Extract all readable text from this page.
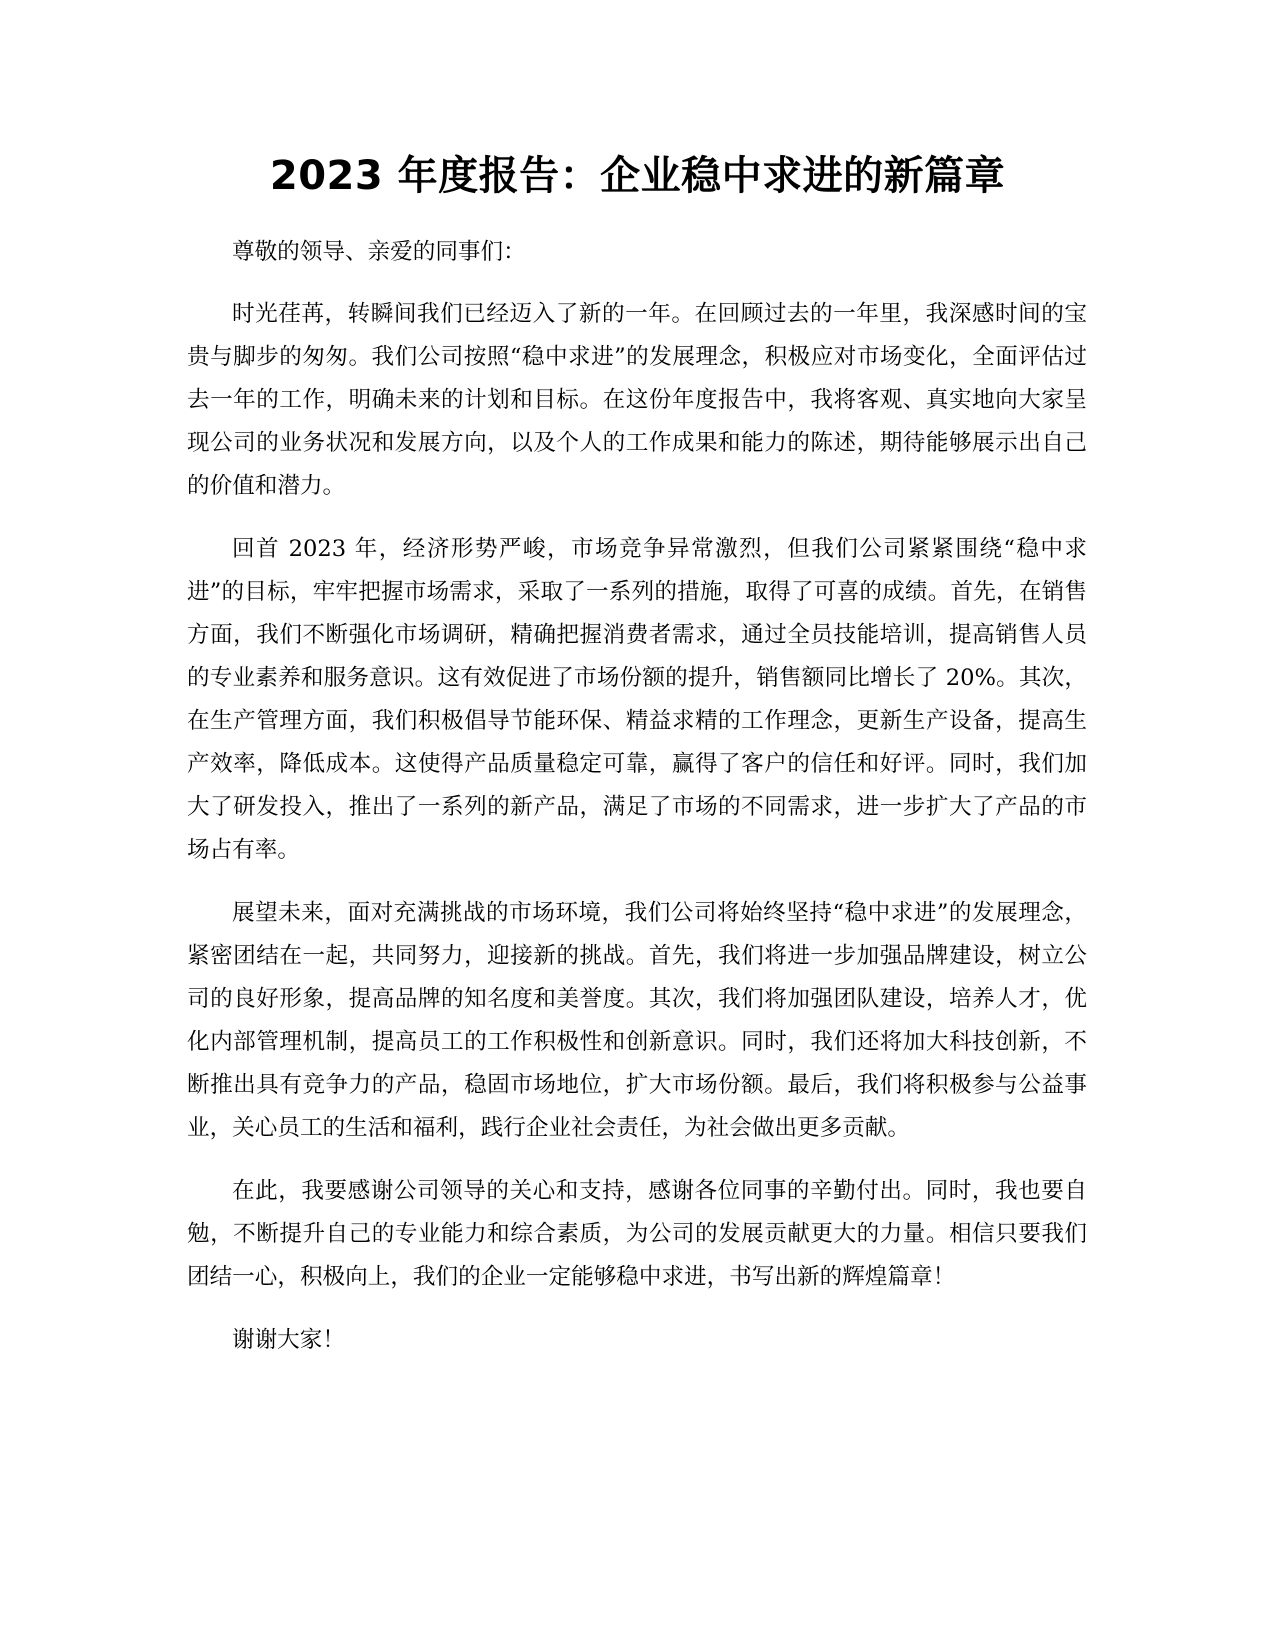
2023 年度报告：企业稳中求进的新篇章

尊敬的领导、亲爱的同事们：

时光荏苒，转瞬间我们已经迈入了新的一年。在回顾过去的一年里，我深感时间的宝贵与脚步的匆匆。我们公司按照“稳中求进”的发展理念，积极应对市场变化，全面评估过去一年的工作，明确未来的计划和目标。在这份年度报告中，我将客观、真实地向大家呈现公司的业务状况和发展方向，以及个人的工作成果和能力的陈述，期待能够展示出自己的价值和潜力。

回首 2023 年，经济形势严峻，市场竞争异常激烈，但我们公司紧紧围绕“稳中求进”的目标，牢牢把握市场需求，采取了一系列的措施，取得了可喜的成绩。首先，在销售方面，我们不断强化市场调研，精确把握消费者需求，通过全员技能培训，提高销售人员的专业素养和服务意识。这有效促进了市场份额的提升，销售额同比增长了 20%。其次，在生产管理方面，我们积极倡导节能环保、精益求精的工作理念，更新生产设备，提高生产效率，降低成本。这使得产品质量稳定可靠，赢得了客户的信任和好评。同时，我们加大了研发投入，推出了一系列的新产品，满足了市场的不同需求，进一步扩大了产品的市场占有率。

展望未来，面对充满挑战的市场环境，我们公司将始终坚持“稳中求进”的发展理念，紧密团结在一起，共同努力，迎接新的挑战。首先，我们将进一步加强品牌建设，树立公司的良好形象，提高品牌的知名度和美誉度。其次，我们将加强团队建设，培养人才，优化内部管理机制，提高员工的工作积极性和创新意识。同时，我们还将加大科技创新，不断推出具有竞争力的产品，稳固市场地位，扩大市场份额。最后，我们将积极参与公益事业，关心员工的生活和福利，践行企业社会责任，为社会做出更多贡献。

在此，我要感谢公司领导的关心和支持，感谢各位同事的辛勤付出。同时，我也要自勉，不断提升自己的专业能力和综合素质，为公司的发展贡献更大的力量。相信只要我们团结一心，积极向上，我们的企业一定能够稳中求进，书写出新的辉煌篇章！

谢谢大家！
